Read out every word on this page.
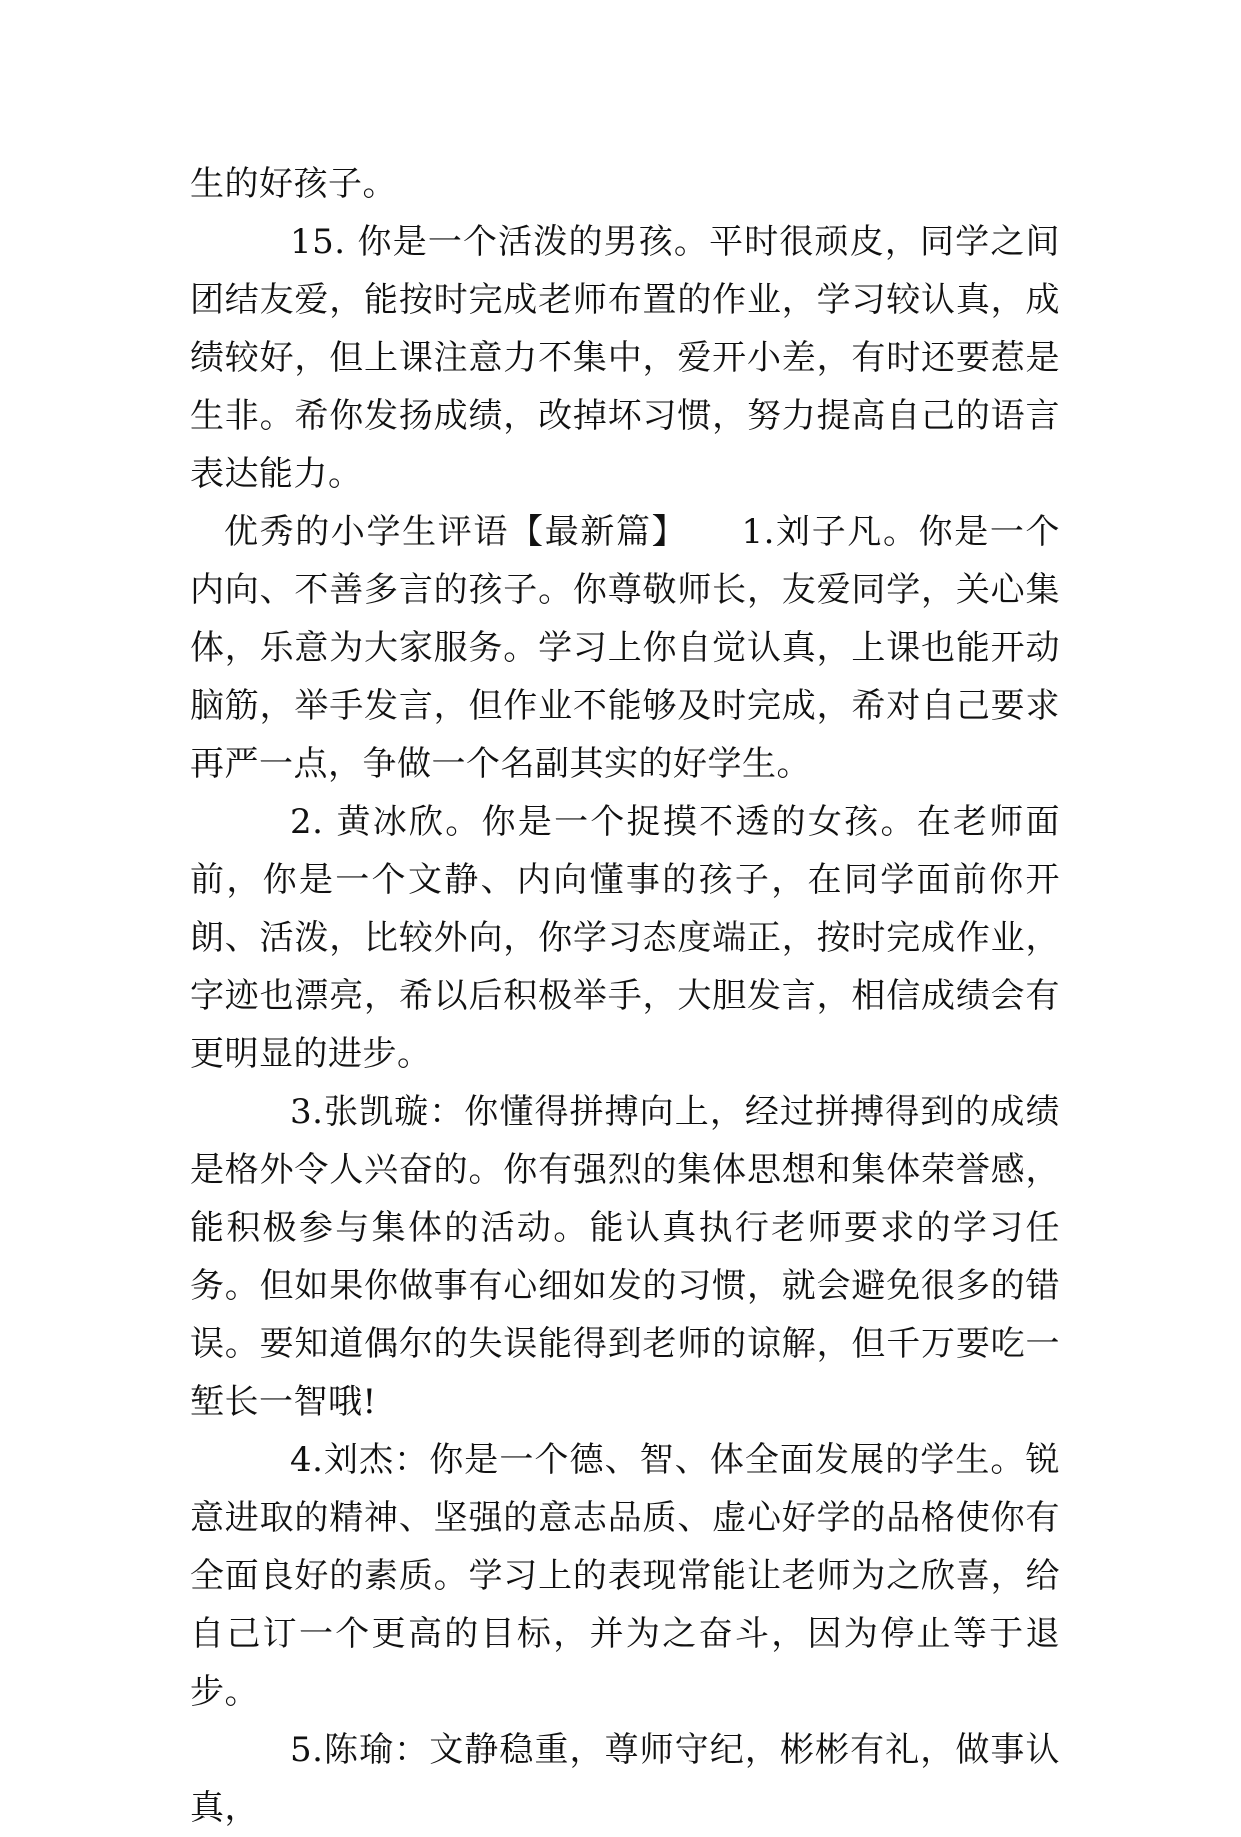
生的好孩子。

15. 你是一个活泼的男孩。平时很顽皮，同学之间团结友爱，能按时完成老师布置的作业，学习较认真，成绩较好，但上课注意力不集中，爱开小差，有时还要惹是生非。希你发扬成绩，改掉坏习惯，努力提高自己的语言表达能力。

优秀的小学生评语【最新篇】　　1.刘子凡。你是一个内向、不善多言的孩子。你尊敬师长，友爱同学，关心集体，乐意为大家服务。学习上你自觉认真，上课也能开动脑筋，举手发言，但作业不能够及时完成，希对自己要求再严一点，争做一个名副其实的好学生。

2. 黄冰欣。你是一个捉摸不透的女孩。在老师面前，你是一个文静、内向懂事的孩子，在同学面前你开朗、活泼，比较外向，你学习态度端正，按时完成作业，字迹也漂亮，希以后积极举手，大胆发言，相信成绩会有更明显的进步。

3.张凯璇：你懂得拼搏向上，经过拼搏得到的成绩是格外令人兴奋的。你有强烈的集体思想和集体荣誉感，能积极参与集体的活动。能认真执行老师要求的学习任务。但如果你做事有心细如发的习惯，就会避免很多的错误。要知道偶尔的失误能得到老师的谅解，但千万要吃一堑长一智哦!

4.刘杰：你是一个德、智、体全面发展的学生。锐意进取的精神、坚强的意志品质、虚心好学的品格使你有全面良好的素质。学习上的表现常能让老师为之欣喜，给自己订一个更高的目标，并为之奋斗，因为停止等于退步。

5.陈瑜：文静稳重，尊师守纪，彬彬有礼，做事认真，
